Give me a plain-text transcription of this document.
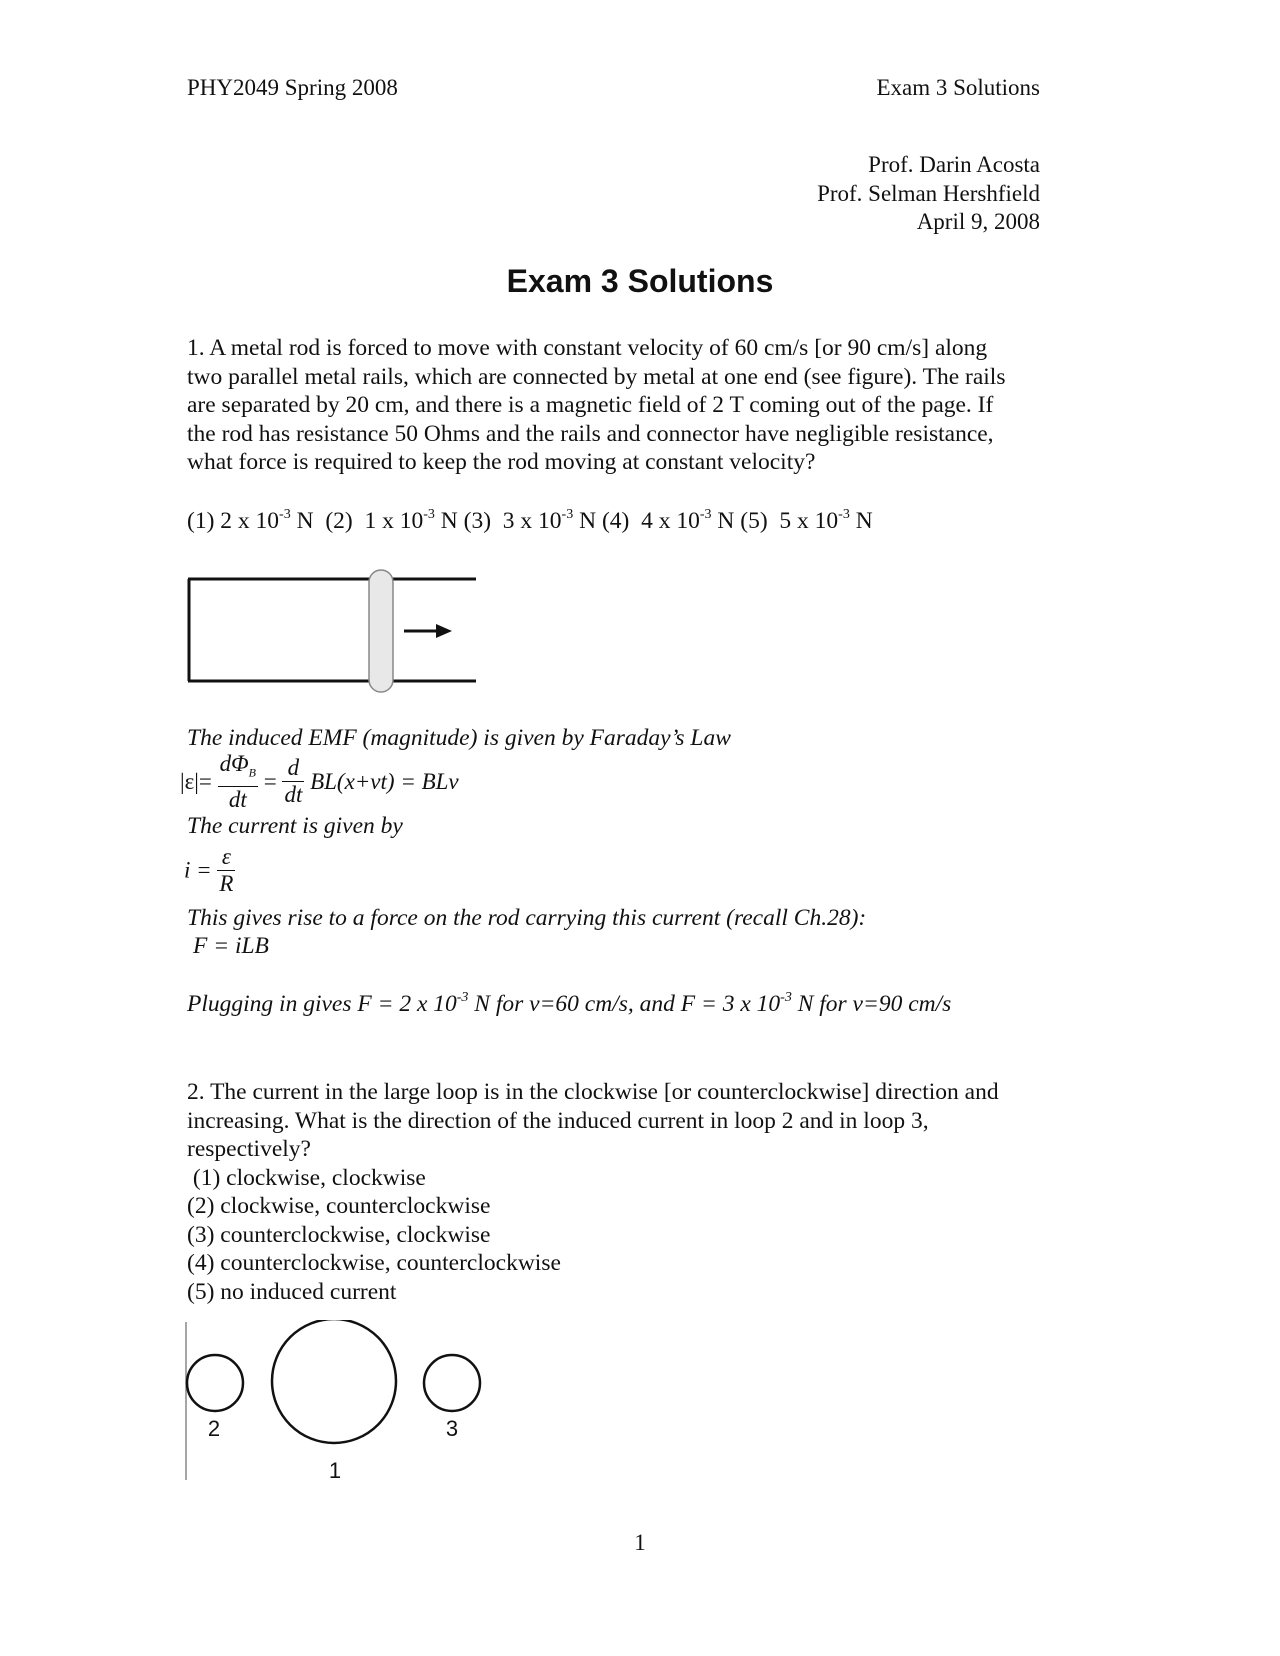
PHY2049 Spring 2008	Exam 3 Solutions
Prof. Darin Acosta
Prof. Selman Hershfield
April 9, 2008
Exam 3 Solutions
1. A metal rod is forced to move with constant velocity of 60 cm/s [or 90 cm/s] along
two parallel metal rails, which are connected by metal at one end (see figure). The rails
are separated by 20 cm, and there is a magnetic field of 2 T coming out of the page. If
the rod has resistance 50 Ohms and the rails and connector have negligible resistance,
what force is required to keep the rod moving at constant velocity?
(1) 2 x $10^{-3}$ N  (2)  1 x $10^{-3}$ N (3)  3 x $10^{-3}$ N (4)  4 x $10^{-3}$ N (5)  5 x $10^{-3}$ N
The induced EMF (magnitude) is given by Faraday’s Law
$|\varepsilon|= \frac{d\Phi_B}{dt} = \frac{d}{dt} BL(x+vt)$ = BLv
The current is given by
$i = \frac{\varepsilon}{R}$
This gives rise to a force on the rod carrying this current (recall Ch.28):
F = iLB
Plugging in gives F = 2 x $10^{-3}$ N for v=60 cm/s, and F = 3 x $10^{-3}$ N for v=90 cm/s
2. The current in the large loop is in the clockwise [or counterclockwise] direction and
increasing. What is the direction of the induced current in loop 2 and in loop 3,
respectively?
(1) clockwise, clockwise
(2) clockwise, counterclockwise
(3) counterclockwise, clockwise
(4) counterclockwise, counterclockwise
(5) no induced current
2	3
1
1
